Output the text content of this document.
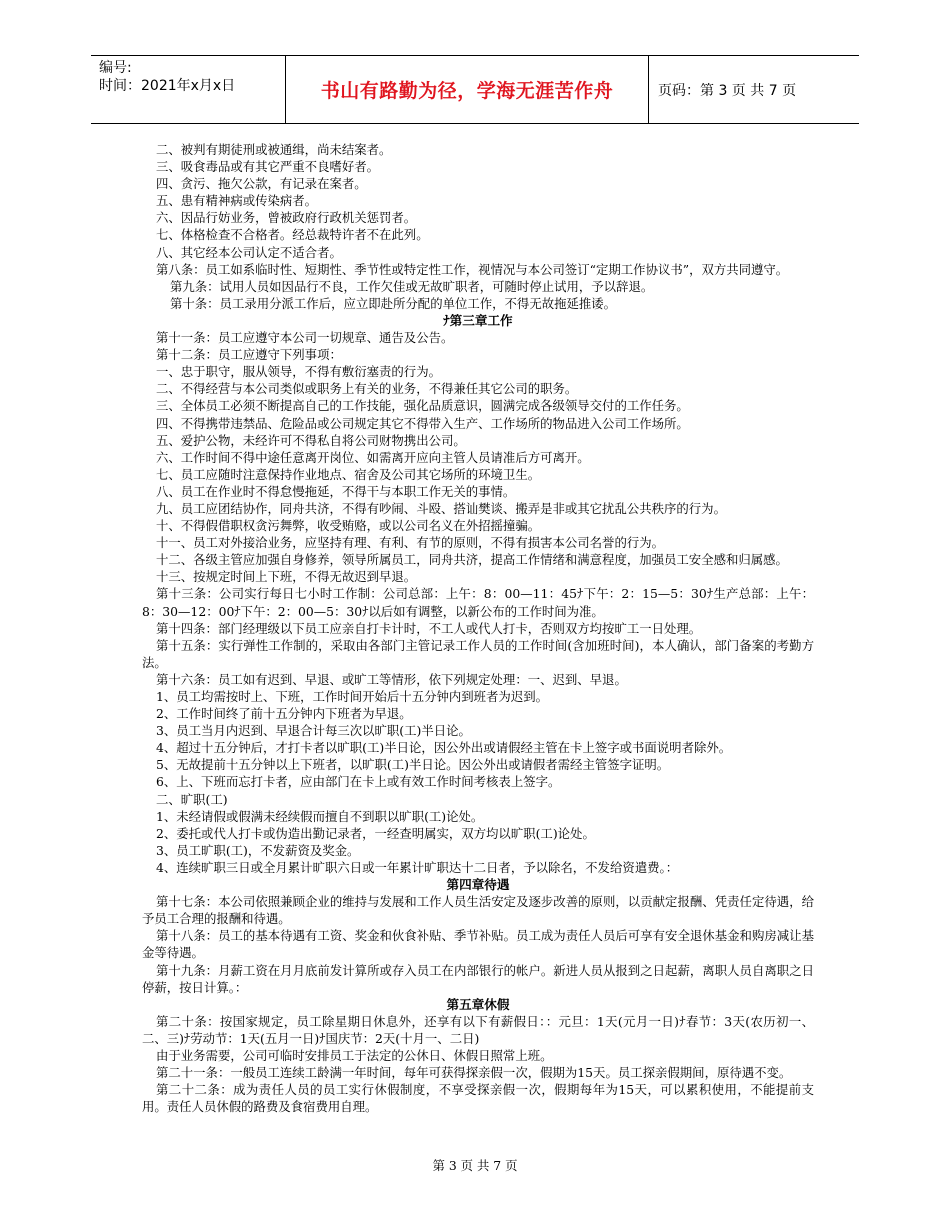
编号:
时间：2021年x月x日	书山有路勤为径，学海无涯苦作舟	页码：第 3 页 共 7 页

二、被判有期徒刑或被通缉，尚未结案者。

三、吸食毒品或有其它严重不良嗜好者。

四、贪污、拖欠公款，有记录在案者。

五、患有精神病或传染病者。

六、因品行妨业务，曾被政府行政机关惩罚者。

七、体格检查不合格者。经总裁特许者不在此列。

八、其它经本公司认定不适合者。

第八条：员工如系临时性、短期性、季节性或特定性工作，视情况与本公司签订“定期工作协议书”，双方共同遵守。

第九条：试用人员如因品行不良，工作欠佳或无故旷职者，可随时停止试用，予以辞退。

第十条：员工录用分派工作后，应立即赴所分配的单位工作，不得无故拖延推诿。

ﾅ第三章工作

第十一条：员工应遵守本公司一切规章、通告及公告。

第十二条：员工应遵守下列事项：

一、忠于职守，服从领导，不得有敷衍塞责的行为。

二、不得经营与本公司类似或职务上有关的业务，不得兼任其它公司的职务。

三、全体员工必须不断提高自己的工作技能，强化品质意识，圆满完成各级领导交付的工作任务。

四、不得携带违禁品、危险品或公司规定其它不得带入生产、工作场所的物品进入公司工作场所。

五、爱护公物，未经许可不得私自将公司财物携出公司。

六、工作时间不得中途任意离开岗位、如需离开应向主管人员请准后方可离开。

七、员工应随时注意保持作业地点、宿舍及公司其它场所的环境卫生。

八、员工在作业时不得怠慢拖延，不得干与本职工作无关的事情。

九、员工应团结协作，同舟共济，不得有吵闹、斗殴、搭讪樊谈、搬弄是非或其它扰乱公共秩序的行为。

十、不得假借职权贪污舞弊，收受贿赂，或以公司名义在外招摇撞骗。

十一、员工对外接洽业务，应坚持有理、有利、有节的原则，不得有损害本公司名誉的行为。

十二、各级主管应加强自身修养，领导所属员工，同舟共济，提高工作情绪和满意程度，加强员工安全感和归属感。

十三、按规定时间上下班，不得无故迟到早退。

第十三条：公司实行每日七小时工作制：公司总部：上午：8：00—11：45ﾅ下午：2：15—5：30ﾅ生产总部：上午：8：30—12：00ﾅ下午：2：00—5：30ﾅ以后如有调整，以新公布的工作时间为准。

第十四条：部门经理级以下员工应亲自打卡计时，不工人或代人打卡，否则双方均按旷工一日处理。

第十五条：实行弹性工作制的，采取由各部门主管记录工作人员的工作时间(含加班时间)，本人确认，部门备案的考勤方法。

第十六条：员工如有迟到、早退、或旷工等情形，依下列规定处理：一、迟到、早退。

1、员工均需按时上、下班，工作时间开始后十五分钟内到班者为迟到。

2、工作时间终了前十五分钟内下班者为早退。

3、员工当月内迟到、早退合计每三次以旷职(工)半日论。

4、超过十五分钟后，才打卡者以旷职(工)半日论，因公外出或请假经主管在卡上签字或书面说明者除外。

5、无故提前十五分钟以上下班者，以旷职(工)半日论。因公外出或请假者需经主管签字证明。

6、上、下班而忘打卡者，应由部门在卡上或有效工作时间考核表上签字。

二、旷职(工)

1、未经请假或假满未经续假而擅自不到职以旷职(工)论处。

2、委托或代人打卡或伪造出勤记录者，一经查明属实，双方均以旷职(工)论处。

3、员工旷职(工)，不发薪资及奖金。

4、连续旷职三日或全月累计旷职六日或一年累计旷职达十二日者，予以除名，不发给资遣费。：

第四章待遇

第十七条：本公司依照兼顾企业的维持与发展和工作人员生活安定及逐步改善的原则，以贡献定报酬、凭责任定待遇，给予员工合理的报酬和待遇。

第十八条：员工的基本待遇有工资、奖金和伙食补贴、季节补贴。员工成为责任人员后可享有安全退休基金和购房减让基金等待遇。

第十九条：月薪工资在月月底前发计算所或存入员工在内部银行的帐户。新进人员从报到之日起薪，离职人员自离职之日停薪，按日计算。：

第五章休假

第二十条：按国家规定，员工除星期日休息外，还享有以下有薪假日：：元旦：1天(元月一日)ﾅ春节：3天(农历初一、二、三)ﾅ劳动节：1天(五月一日)ﾅ国庆节：2天(十月一、二日)

由于业务需要，公司可临时安排员工于法定的公休日、休假日照常上班。

第二十一条：一般员工连续工龄满一年时间，每年可获得探亲假一次，假期为15天。员工探亲假期间，原待遇不变。

第二十二条：成为责任人员的员工实行休假制度，不享受探亲假一次，假期每年为15天，可以累积使用，不能提前支用。责任人员休假的路费及食宿费用自理。

第 3 页 共 7 页
